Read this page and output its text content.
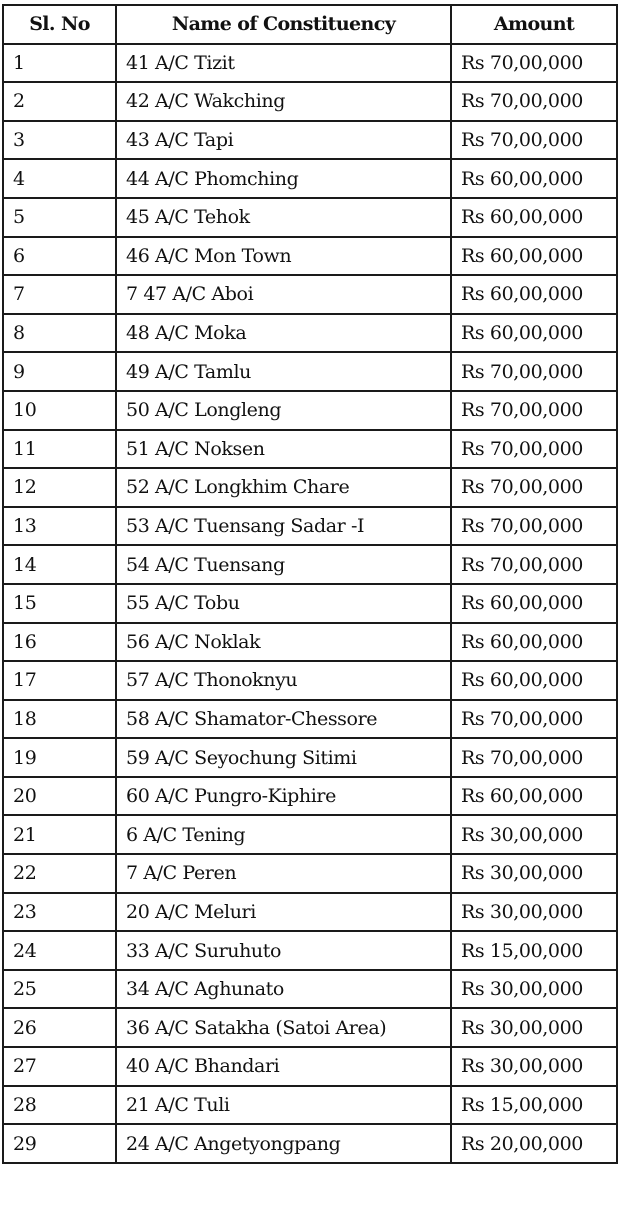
Sl. No	Name of Constituency	Amount
1	41 A/C Tizit	Rs 70,00,000
2	42 A/C Wakching	Rs 70,00,000
3	43 A/C Tapi	Rs 70,00,000
4	44 A/C Phomching	Rs 60,00,000
5	45 A/C Tehok	Rs 60,00,000
6	46 A/C Mon Town	Rs 60,00,000
7	7 47 A/C Aboi	Rs 60,00,000
8	48 A/C Moka	Rs 60,00,000
9	49 A/C Tamlu	Rs 70,00,000
10	50 A/C Longleng	Rs 70,00,000
11	51 A/C Noksen	Rs 70,00,000
12	52 A/C Longkhim Chare	Rs 70,00,000
13	53 A/C Tuensang Sadar -I	Rs 70,00,000
14	54 A/C Tuensang	Rs 70,00,000
15	55 A/C Tobu	Rs 60,00,000
16	56 A/C Noklak	Rs 60,00,000
17	57 A/C Thonoknyu	Rs 60,00,000
18	58 A/C Shamator-Chessore	Rs 70,00,000
19	59 A/C Seyochung Sitimi	Rs 70,00,000
20	60 A/C Pungro-Kiphire	Rs 60,00,000
21	6 A/C Tening	Rs 30,00,000
22	7 A/C Peren	Rs 30,00,000
23	20 A/C Meluri	Rs 30,00,000
24	33 A/C Suruhuto	Rs 15,00,000
25	34 A/C Aghunato	Rs 30,00,000
26	36 A/C Satakha (Satoi Area)	Rs 30,00,000
27	40 A/C Bhandari	Rs 30,00,000
28	21 A/C Tuli	Rs 15,00,000
29	24 A/C Angetyongpang	Rs 20,00,000
